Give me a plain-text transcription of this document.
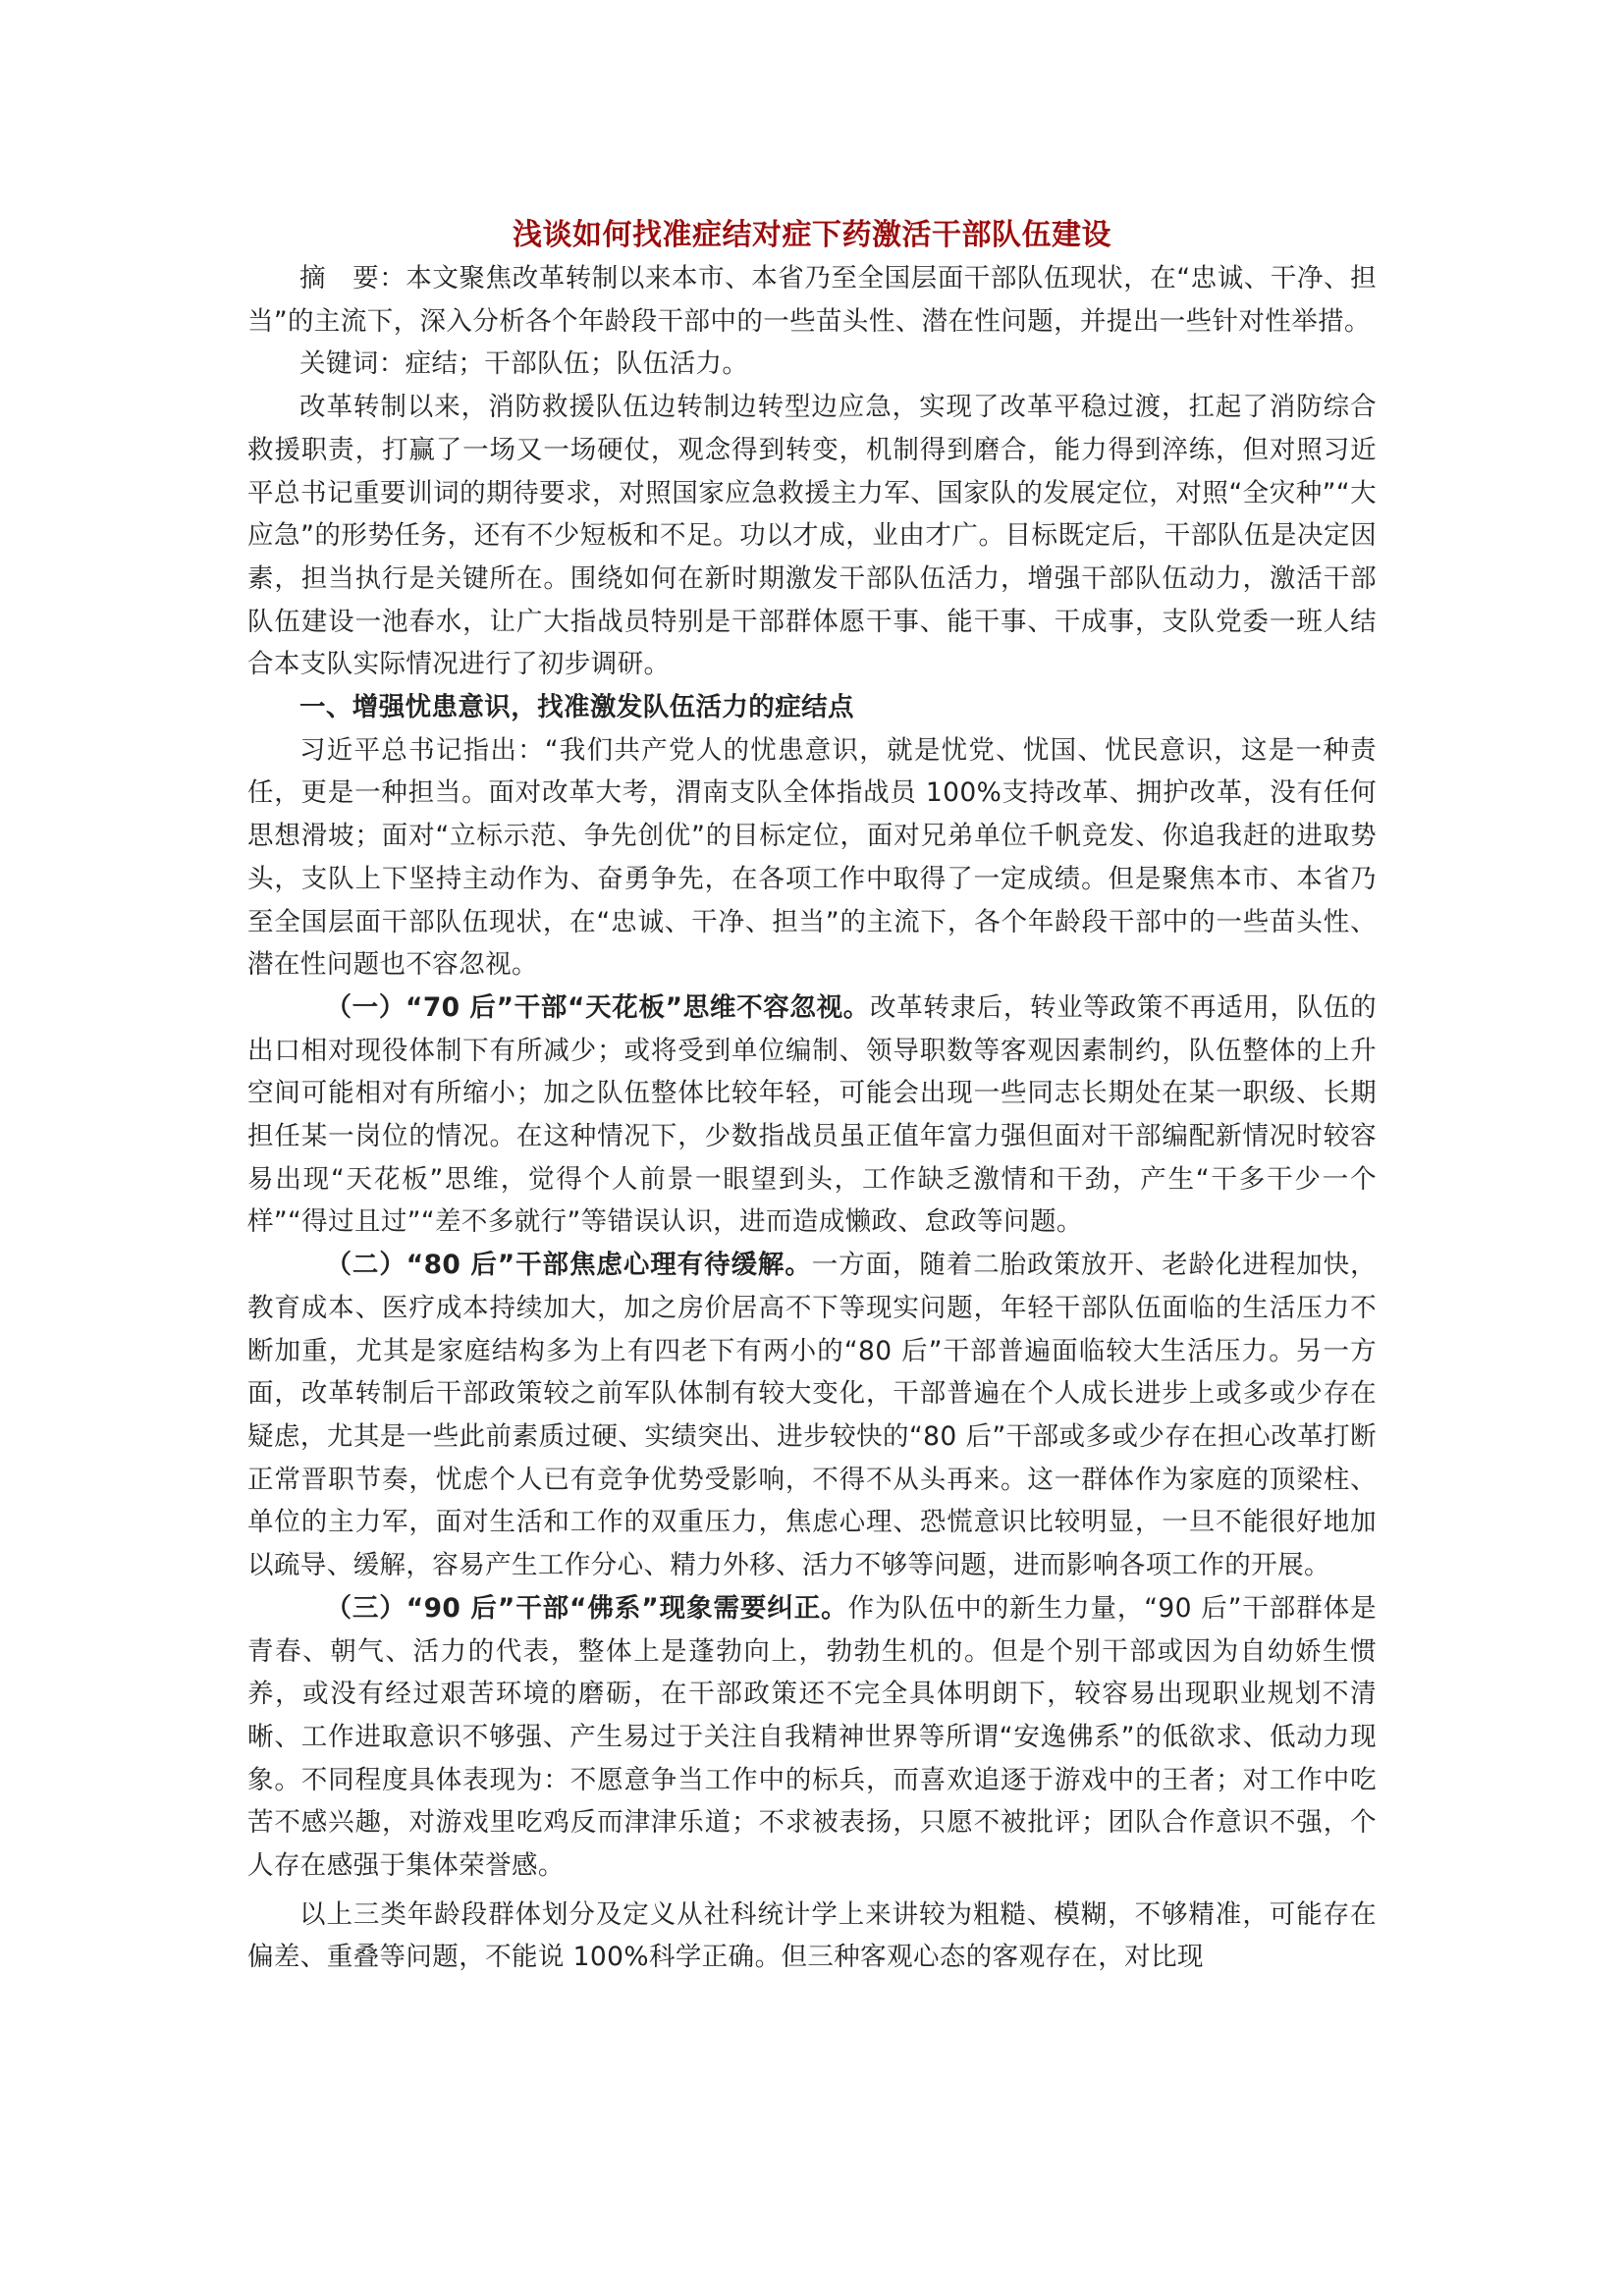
浅谈如何找准症结对症下药激活干部队伍建设

摘　要：本文聚焦改革转制以来本市、本省乃至全国层面干部队伍现状，在“忠诚、干净、担当”的主流下，深入分析各个年龄段干部中的一些苗头性、潜在性问题，并提出一些针对性举措。

关键词：症结；干部队伍；队伍活力。

改革转制以来，消防救援队伍边转制边转型边应急，实现了改革平稳过渡，扛起了消防综合救援职责，打赢了一场又一场硬仗，观念得到转变，机制得到磨合，能力得到淬练，但对照习近平总书记重要训词的期待要求，对照国家应急救援主力军、国家队的发展定位，对照“全灾种”“大应急”的形势任务，还有不少短板和不足。功以才成，业由才广。目标既定后，干部队伍是决定因素，担当执行是关键所在。围绕如何在新时期激发干部队伍活力，增强干部队伍动力，激活干部队伍建设一池春水，让广大指战员特别是干部群体愿干事、能干事、干成事，支队党委一班人结合本支队实际情况进行了初步调研。

一、增强忧患意识，找准激发队伍活力的症结点

习近平总书记指出：“我们共产党人的忧患意识，就是忧党、忧国、忧民意识，这是一种责任，更是一种担当。面对改革大考，渭南支队全体指战员 100%支持改革、拥护改革，没有任何思想滑坡；面对“立标示范、争先创优”的目标定位，面对兄弟单位千帆竞发、你追我赶的进取势头，支队上下坚持主动作为、奋勇争先，在各项工作中取得了一定成绩。但是聚焦本市、本省乃至全国层面干部队伍现状，在“忠诚、干净、担当”的主流下，各个年龄段干部中的一些苗头性、潜在性问题也不容忽视。

（一）“70 后”干部“天花板”思维不容忽视。改革转隶后，转业等政策不再适用，队伍的出口相对现役体制下有所减少；或将受到单位编制、领导职数等客观因素制约，队伍整体的上升空间可能相对有所缩小；加之队伍整体比较年轻，可能会出现一些同志长期处在某一职级、长期担任某一岗位的情况。在这种情况下，少数指战员虽正值年富力强但面对干部编配新情况时较容易出现“天花板”思维，觉得个人前景一眼望到头，工作缺乏激情和干劲，产生“干多干少一个样”“得过且过”“差不多就行”等错误认识，进而造成懒政、怠政等问题。

（二）“80 后”干部焦虑心理有待缓解。一方面，随着二胎政策放开、老龄化进程加快，教育成本、医疗成本持续加大，加之房价居高不下等现实问题，年轻干部队伍面临的生活压力不断加重，尤其是家庭结构多为上有四老下有两小的“80 后”干部普遍面临较大生活压力。另一方面，改革转制后干部政策较之前军队体制有较大变化，干部普遍在个人成长进步上或多或少存在疑虑，尤其是一些此前素质过硬、实绩突出、进步较快的“80 后”干部或多或少存在担心改革打断正常晋职节奏，忧虑个人已有竞争优势受影响，不得不从头再来。这一群体作为家庭的顶梁柱、单位的主力军，面对生活和工作的双重压力，焦虑心理、恐慌意识比较明显，一旦不能很好地加以疏导、缓解，容易产生工作分心、精力外移、活力不够等问题，进而影响各项工作的开展。

（三）“90 后”干部“佛系”现象需要纠正。作为队伍中的新生力量，“90 后”干部群体是青春、朝气、活力的代表，整体上是蓬勃向上，勃勃生机的。但是个别干部或因为自幼娇生惯养，或没有经过艰苦环境的磨砺，在干部政策还不完全具体明朗下，较容易出现职业规划不清晰、工作进取意识不够强、产生易过于关注自我精神世界等所谓“安逸佛系”的低欲求、低动力现象。不同程度具体表现为：不愿意争当工作中的标兵，而喜欢追逐于游戏中的王者；对工作中吃苦不感兴趣，对游戏里吃鸡反而津津乐道；不求被表扬，只愿不被批评；团队合作意识不强，个人存在感强于集体荣誉感。

以上三类年龄段群体划分及定义从社科统计学上来讲较为粗糙、模糊，不够精准，可能存在偏差、重叠等问题，不能说 100%科学正确。但三种客观心态的客观存在，对比现
